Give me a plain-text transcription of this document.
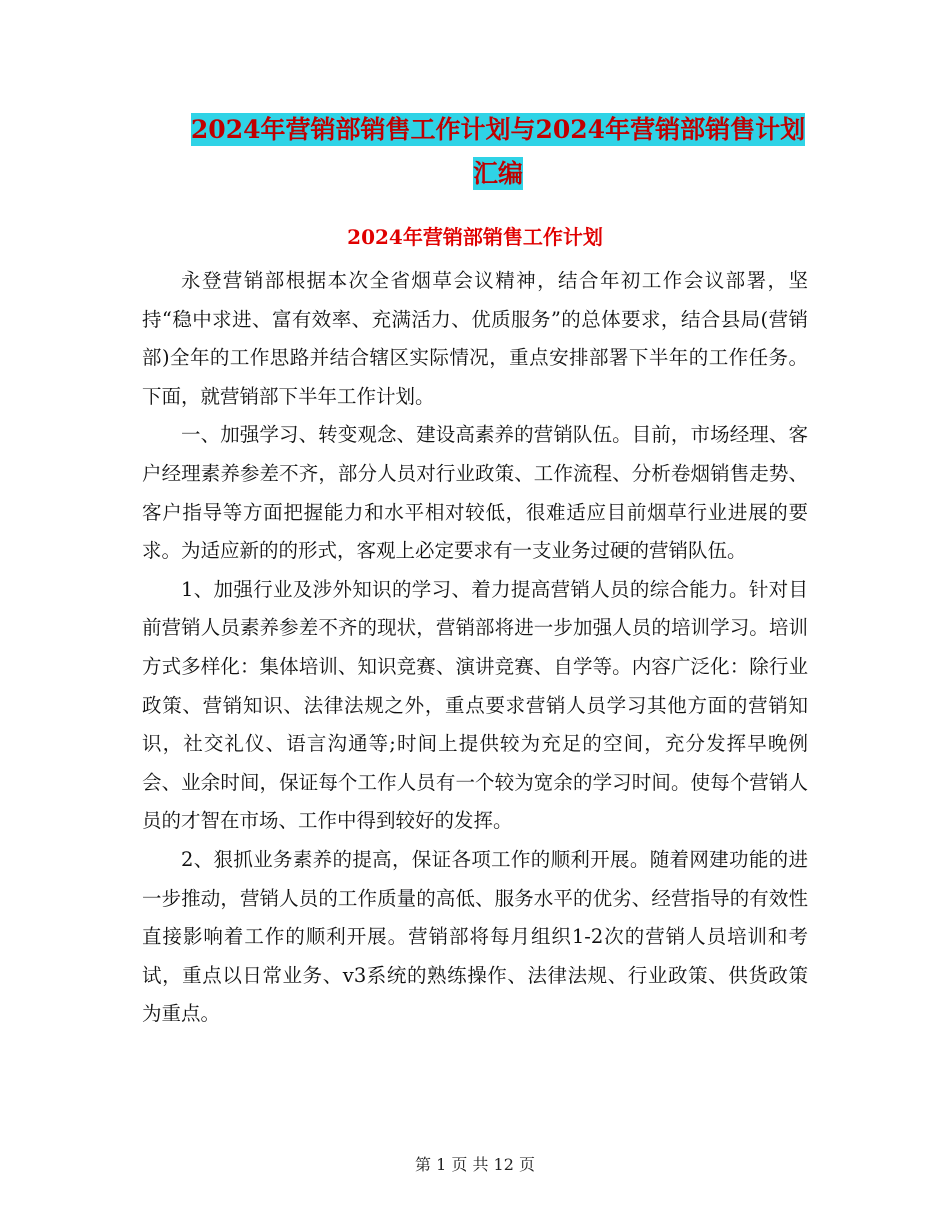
2024年营销部销售工作计划与2024年营销部销售计划
汇编
2024年营销部销售工作计划

永登营销部根据本次全省烟草会议精神，结合年初工作会议部署，坚持“稳中求进、富有效率、充满活力、优质服务”的总体要求，结合县局(营销部)全年的工作思路并结合辖区实际情况，重点安排部署下半年的工作任务。下面，就营销部下半年工作计划。

一、加强学习、转变观念、建设高素养的营销队伍。目前，市场经理、客户经理素养参差不齐，部分人员对行业政策、工作流程、分析卷烟销售走势、客户指导等方面把握能力和水平相对较低，很难适应目前烟草行业进展的要求。为适应新的的形式，客观上必定要求有一支业务过硬的营销队伍。

1、加强行业及涉外知识的学习、着力提高营销人员的综合能力。针对目前营销人员素养参差不齐的现状，营销部将进一步加强人员的培训学习。培训方式多样化：集体培训、知识竞赛、演讲竞赛、自学等。内容广泛化：除行业政策、营销知识、法律法规之外，重点要求营销人员学习其他方面的营销知识，社交礼仪、语言沟通等;时间上提供较为充足的空间，充分发挥早晚例会、业余时间，保证每个工作人员有一个较为宽余的学习时间。使每个营销人员的才智在市场、工作中得到较好的发挥。

2、狠抓业务素养的提高，保证各项工作的顺利开展。随着网建功能的进一步推动，营销人员的工作质量的高低、服务水平的优劣、经营指导的有效性直接影响着工作的顺利开展。营销部将每月组织1-2次的营销人员培训和考试，重点以日常业务、v3系统的熟练操作、法律法规、行业政策、供货政策为重点。

第 1 页 共 12 页
